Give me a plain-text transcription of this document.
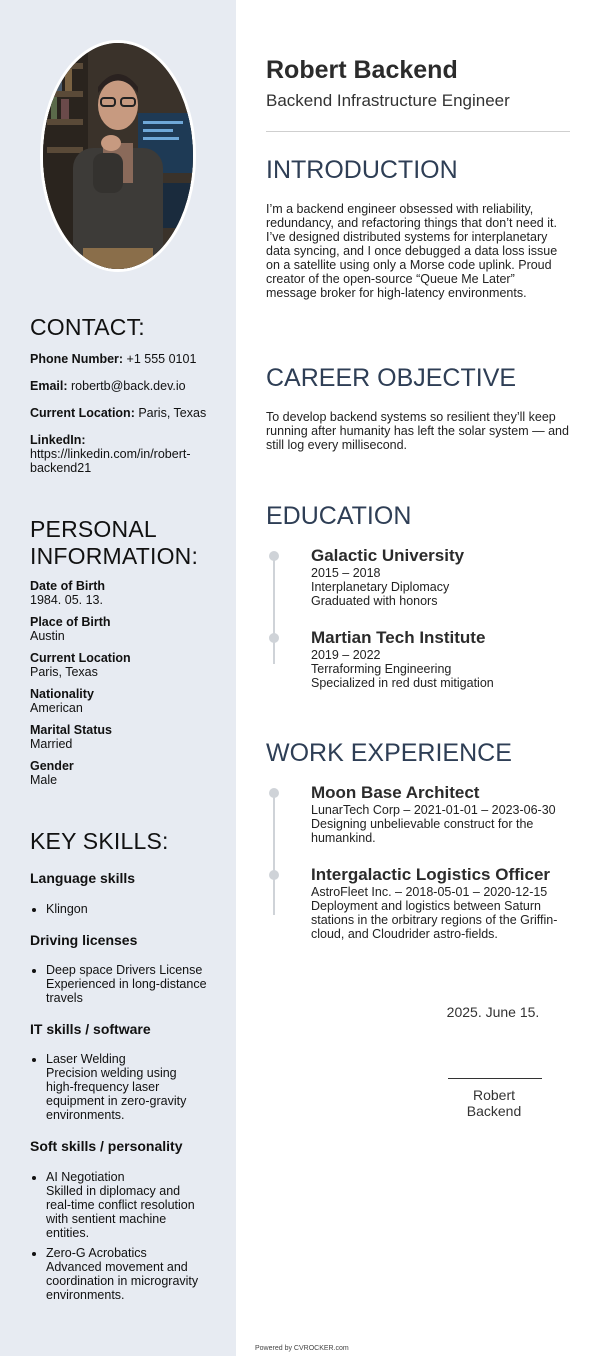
CONTACT:

Phone Number: +1 555 0101

Email: robertb@back.dev.io

Current Location: Paris, Texas

LinkedIn:

https://linkedin.com/in/robert-backend21

PERSONAL
INFORMATION:
Date of Birth
1984. 05. 13.
Place of Birth
Austin
Current Location
Paris, Texas
Nationality
American
Marital Status
Married
Gender
Male
KEY SKILLS:
Language skills
• Klingon
Driving licenses
• Deep space Drivers License
Experienced in long-distance travels
IT skills / software
• Laser Welding
Precision welding using high-frequency laser equipment in zero-gravity environments.
Soft skills / personality
• AI Negotiation
Skilled in diplomacy and real-time conflict resolution with sentient machine entities.
• Zero-G Acrobatics
Advanced movement and coordination in microgravity environments.
Robert Backend
Backend Infrastructure Engineer
INTRODUCTION
I’m a backend engineer obsessed with reliability, redundancy, and refactoring things that don’t need it. I’ve designed distributed systems for interplanetary data syncing, and I once debugged a data loss issue on a satellite using only a Morse code uplink. Proud creator of the open-source “Queue Me Later” message broker for high-latency environments.
CAREER OBJECTIVE
To develop backend systems so resilient they’ll keep running after humanity has left the solar system — and still log every millisecond.
EDUCATION
Galactic University
2015 – 2018
Interplanetary Diplomacy
Graduated with honors
Martian Tech Institute
2019 – 2022
Terraforming Engineering
Specialized in red dust mitigation
WORK EXPERIENCE
Moon Base Architect
LunarTech Corp – 2021-01-01 – 2023-06-30
Designing unbelievable construct for the humankind.
Intergalactic Logistics Officer
AstroFleet Inc. – 2018-05-01 – 2020-12-15
Deployment and logistics between Saturn stations in the orbitrary regions of the Griffin-cloud, and Cloudrider astro-fields.
2025. June 15.
Robert Backend
Powered by CVROCKER.com
